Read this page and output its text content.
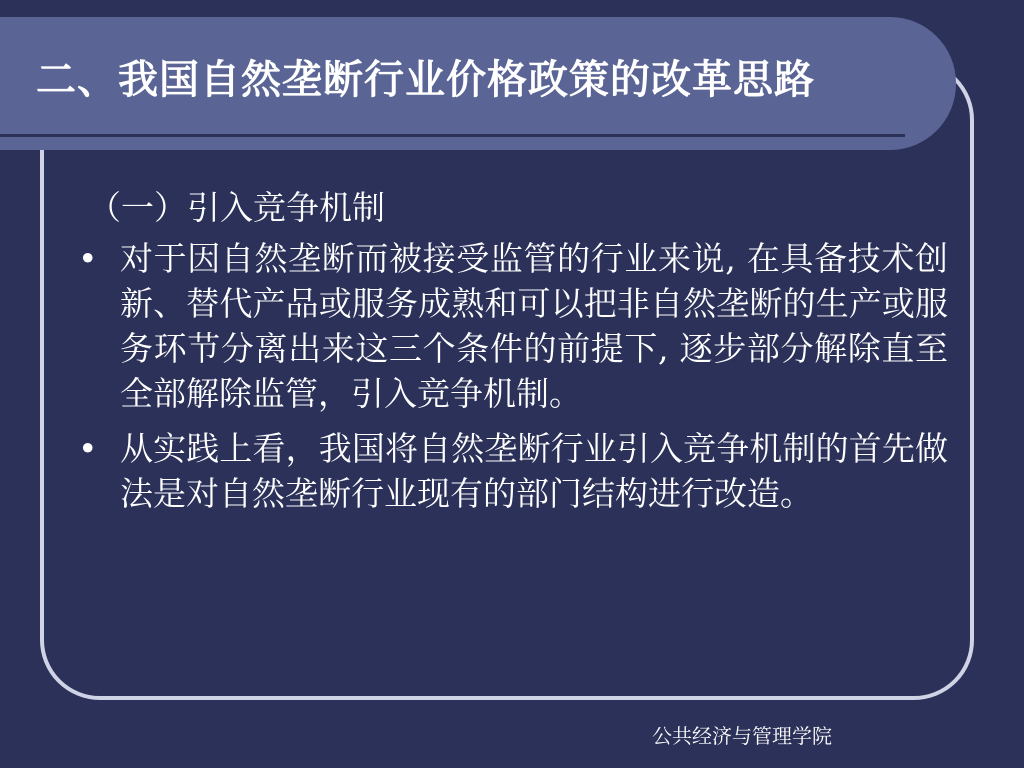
二、我国自然垄断行业价格政策的改革思路

（一）引入竞争机制

• 对于因自然垄断而被接受监管的行业来说, 在具备技术创新、替代产品或服务成熟和可以把非自然垄断的生产或服务环节分离出来这三个条件的前提下, 逐步部分解除直至全部解除监管，引入竞争机制。
• 从实践上看，我国将自然垄断行业引入竞争机制的首先做法是对自然垄断行业现有的部门结构进行改造。
公共经济与管理学院
